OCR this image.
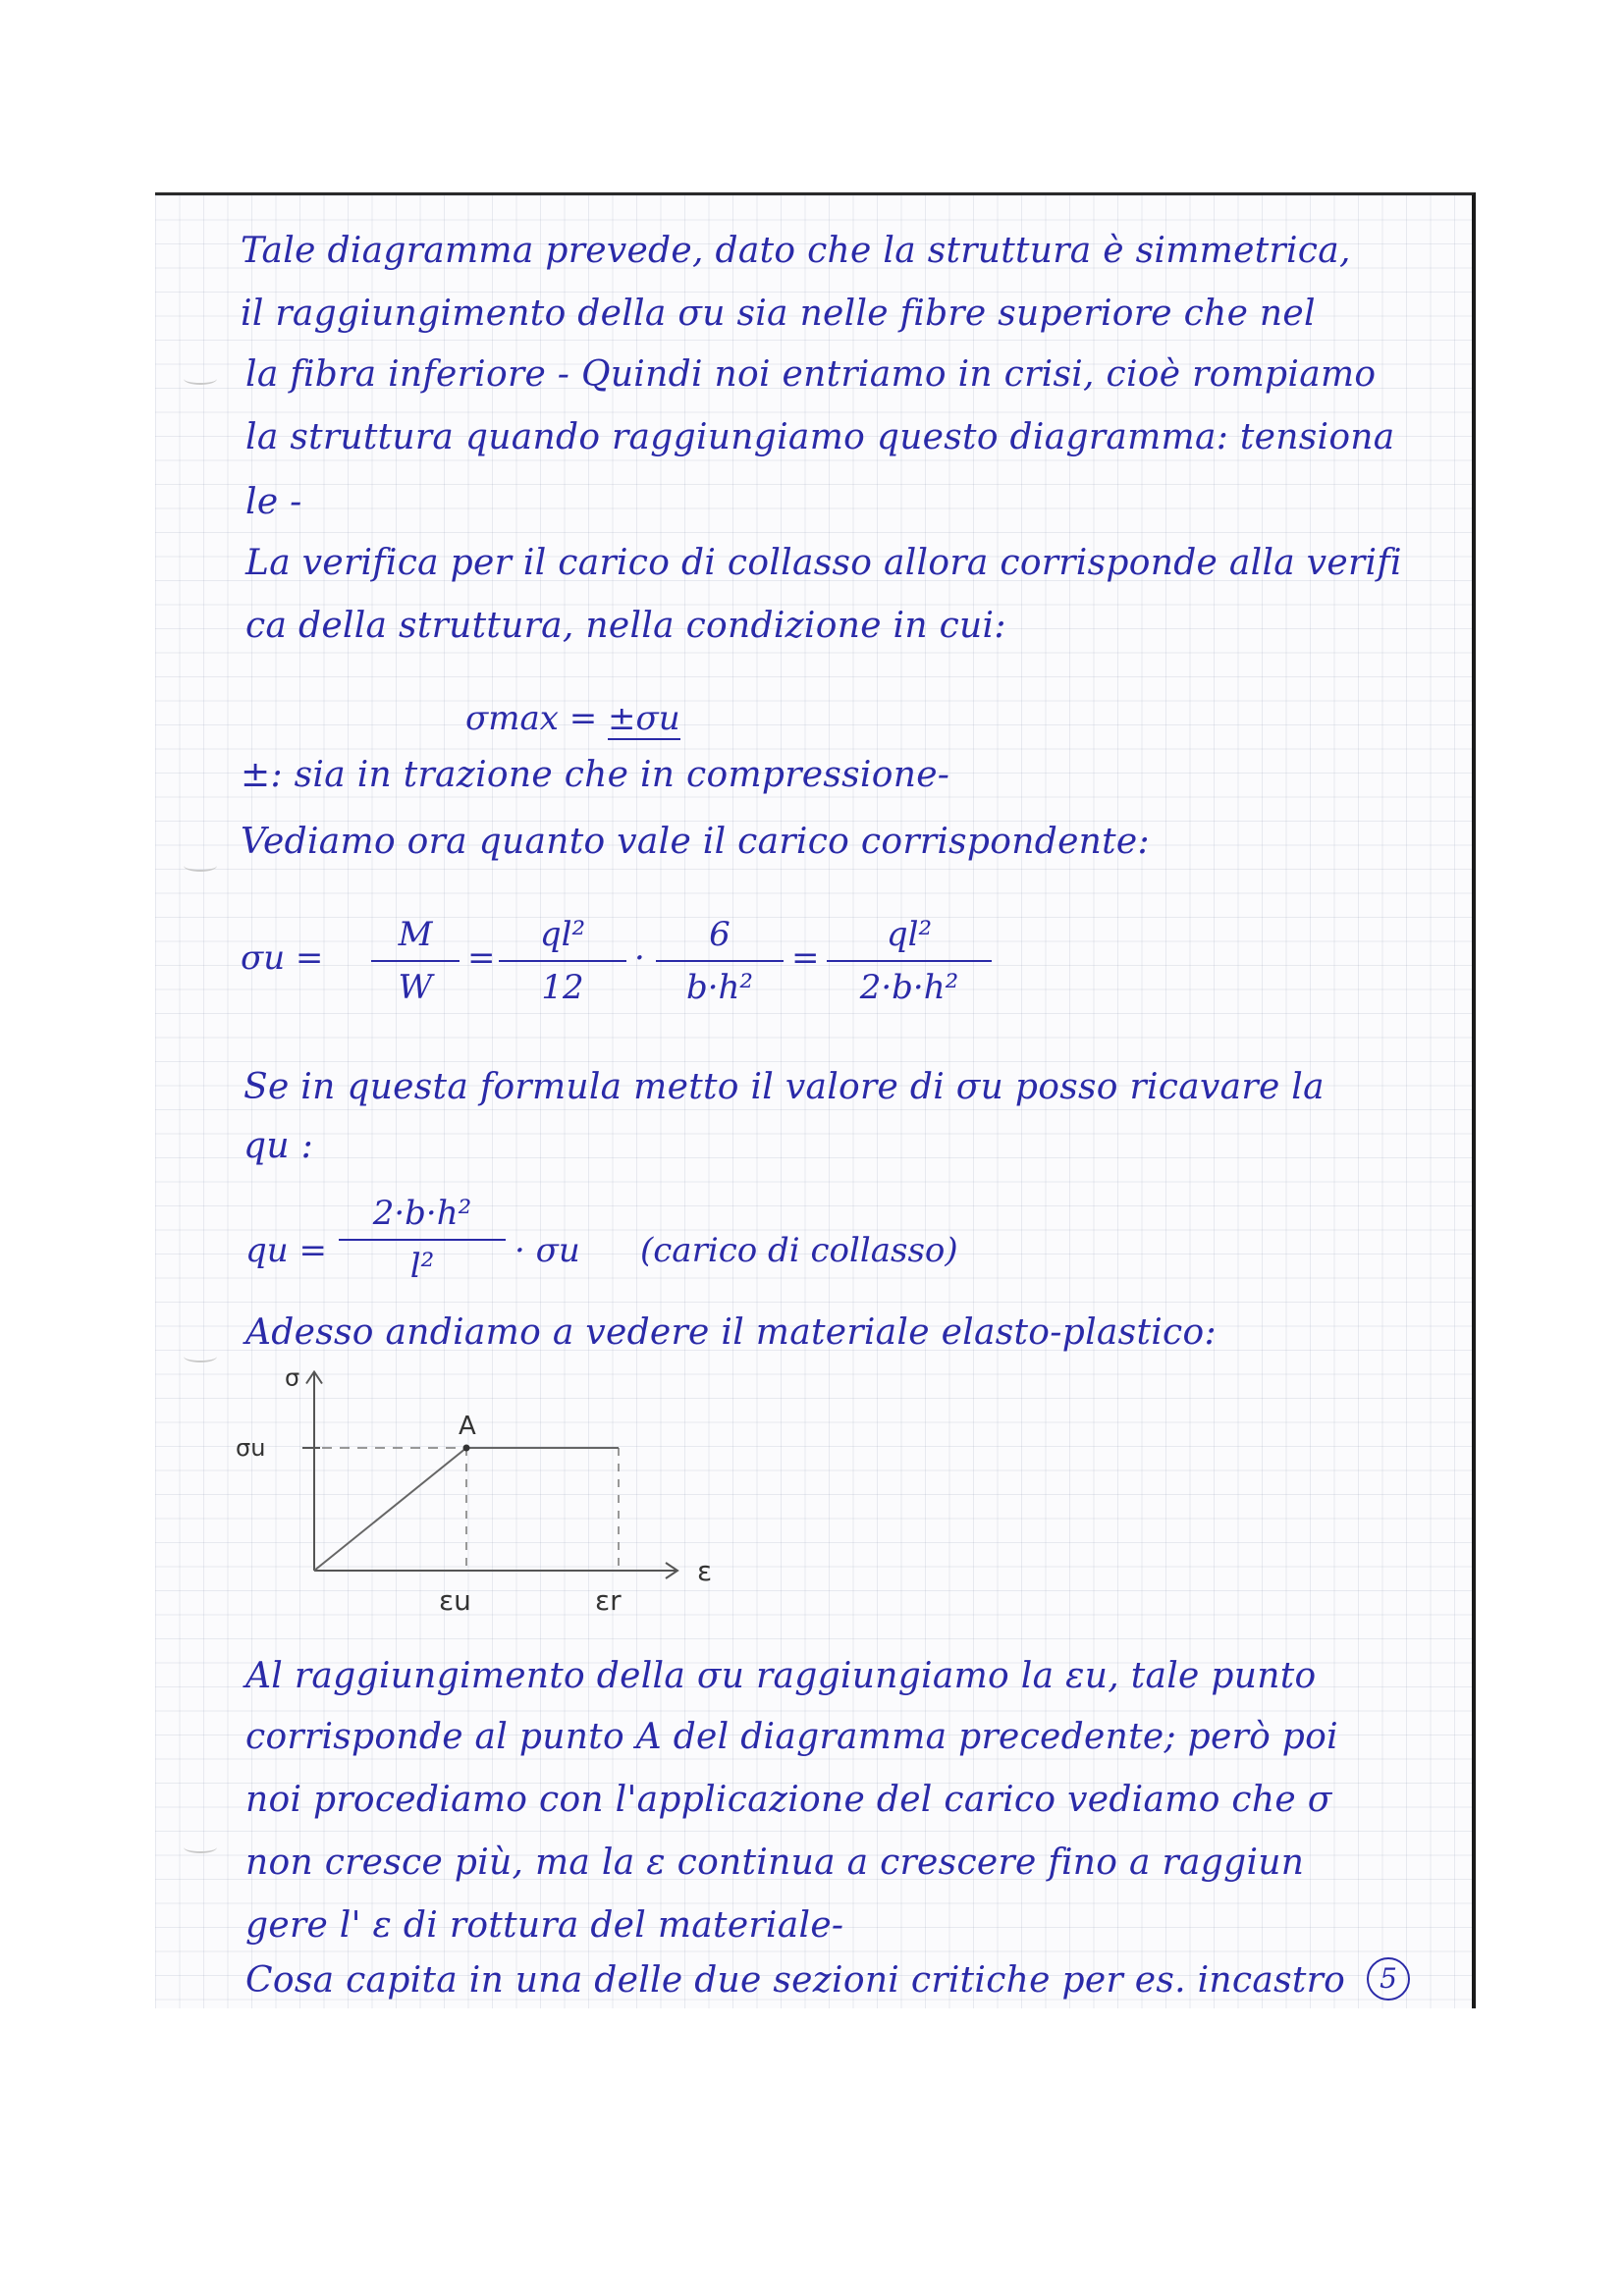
Tale diagramma prevede, dato che la struttura è simmetrica,
il raggiungimento della σu sia nelle fibre superiore che nel
la fibra inferiore - Quindi noi entriamo in crisi, cioè rompiamo
la struttura quando raggiungiamo questo diagramma: tensiona
le -
La verifica per il carico di collasso allora corrisponde alla verifi
ca della struttura, nella condizione in cui:
σmax = ±σu
±: sia in trazione che in compressione-
Vediamo ora quanto vale il carico corrispondente:
σu =
M
W
=
ql²
12
·
6
b·h²
=
ql²
2·b·h²
Se in questa formula metto il valore di σu posso ricavare la
qu :
qu =
2·b·h²
l²	· σu (carico di collasso)
Adesso andiamo a vedere il materiale elasto-plastico:
σ
ε
σu
εu	εr
A
Al raggiungimento della σu raggiungiamo la εu, tale punto
corrisponde al punto A del diagramma precedente; però poi
noi procediamo con l'applicazione del carico vediamo che σ
non cresce più, ma la ε continua a crescere fino a raggiun
gere l' ε di rottura del materiale-
Cosa capita in una delle due sezioni critiche per es. incastro	5
